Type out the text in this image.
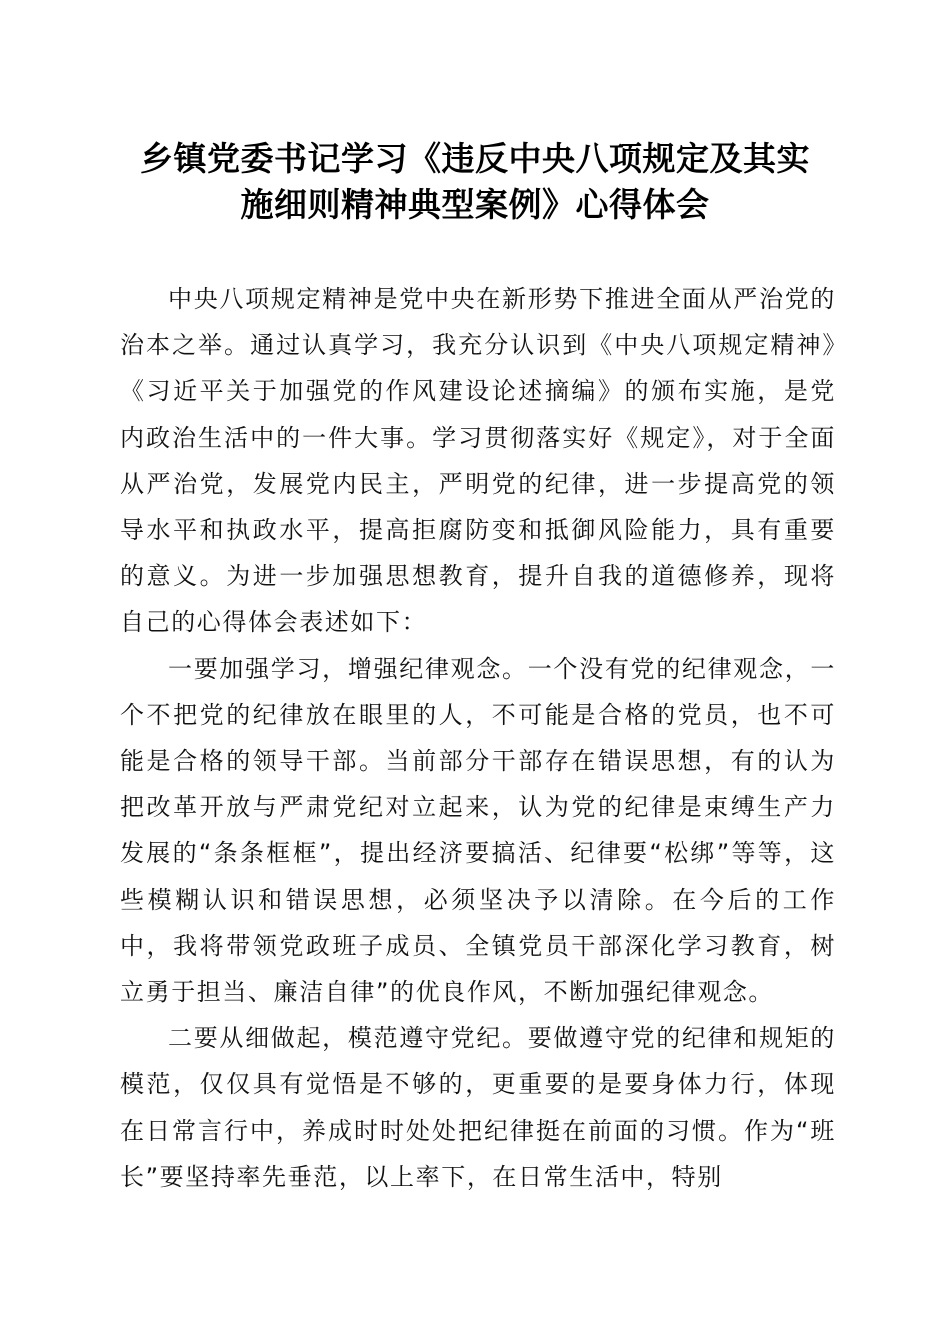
乡镇党委书记学习《违反中央八项规定及其实
施细则精神典型案例》心得体会

中央八项规定精神是党中央在新形势下推进全面从严治党的治本之举。通过认真学习，我充分认识到《中央八项规定精神》《习近平关于加强党的作风建设论述摘编》的颁布实施，是党内政治生活中的一件大事。学习贯彻落实好《规定》，对于全面从严治党，发展党内民主，严明党的纪律，进一步提高党的领导水平和执政水平，提高拒腐防变和抵御风险能力，具有重要的意义。为进一步加强思想教育，提升自我的道德修养，现将自己的心得体会表述如下：

一要加强学习，增强纪律观念。一个没有党的纪律观念，一个不把党的纪律放在眼里的人，不可能是合格的党员，也不可能是合格的领导干部。当前部分干部存在错误思想，有的认为把改革开放与严肃党纪对立起来，认为党的纪律是束缚生产力发展的“条条框框”，提出经济要搞活、纪律要“松绑”等等，这些模糊认识和错误思想，必须坚决予以清除。在今后的工作中，我将带领党政班子成员、全镇党员干部深化学习教育，树立勇于担当、廉洁自律”的优良作风，不断加强纪律观念。

二要从细做起，模范遵守党纪。要做遵守党的纪律和规矩的模范，仅仅具有觉悟是不够的，更重要的是要身体力行，体现在日常言行中，养成时时处处把纪律挺在前面的习惯。作为“班长”要坚持率先垂范，以上率下，在日常生活中，特别
